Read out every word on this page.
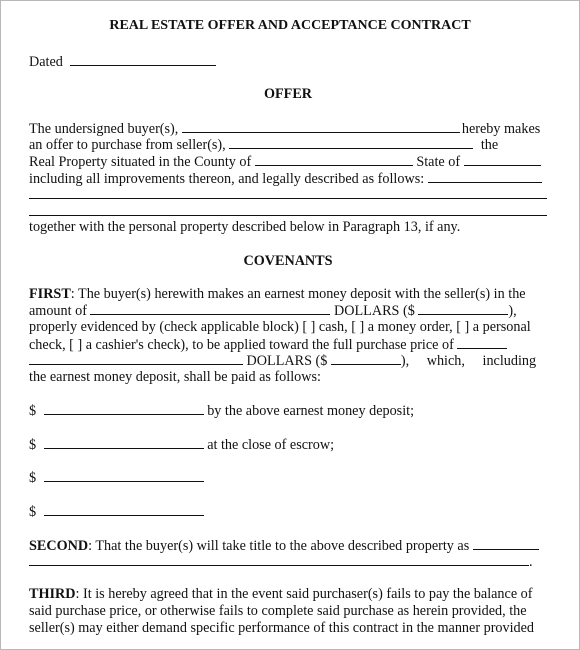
REAL ESTATE OFFER AND ACCEPTANCE CONTRACT
Dated
OFFER
The undersigned buyer(s),	hereby makes
an offer to purchase from seller(s),	the
Real Property situated in the County of	State of
including all improvements thereon, and legally described as follows:
together with the personal property described below in Paragraph 13, if any.
COVENANTS
FIRST: The buyer(s) herewith makes an earnest money deposit with the seller(s) in the
amount of	DOLLARS ($	),
properly evidenced by (check applicable block) [ ] cash, [ ] a money order, [ ] a personal
check, [ ] a cashier's check), to be applied toward the full purchase price of
DOLLARS ($	), which, including
the earnest money deposit, shall be paid as follows:
$	by the above earnest money deposit;
$	at the close of escrow;
$
$
SECOND: That the buyer(s) will take title to the above described property as
.
THIRD: It is hereby agreed that in the event said purchaser(s) fails to pay the balance of
said purchase price, or otherwise fails to complete said purchase as herein provided, the
seller(s) may either demand specific performance of this contract in the manner provided
